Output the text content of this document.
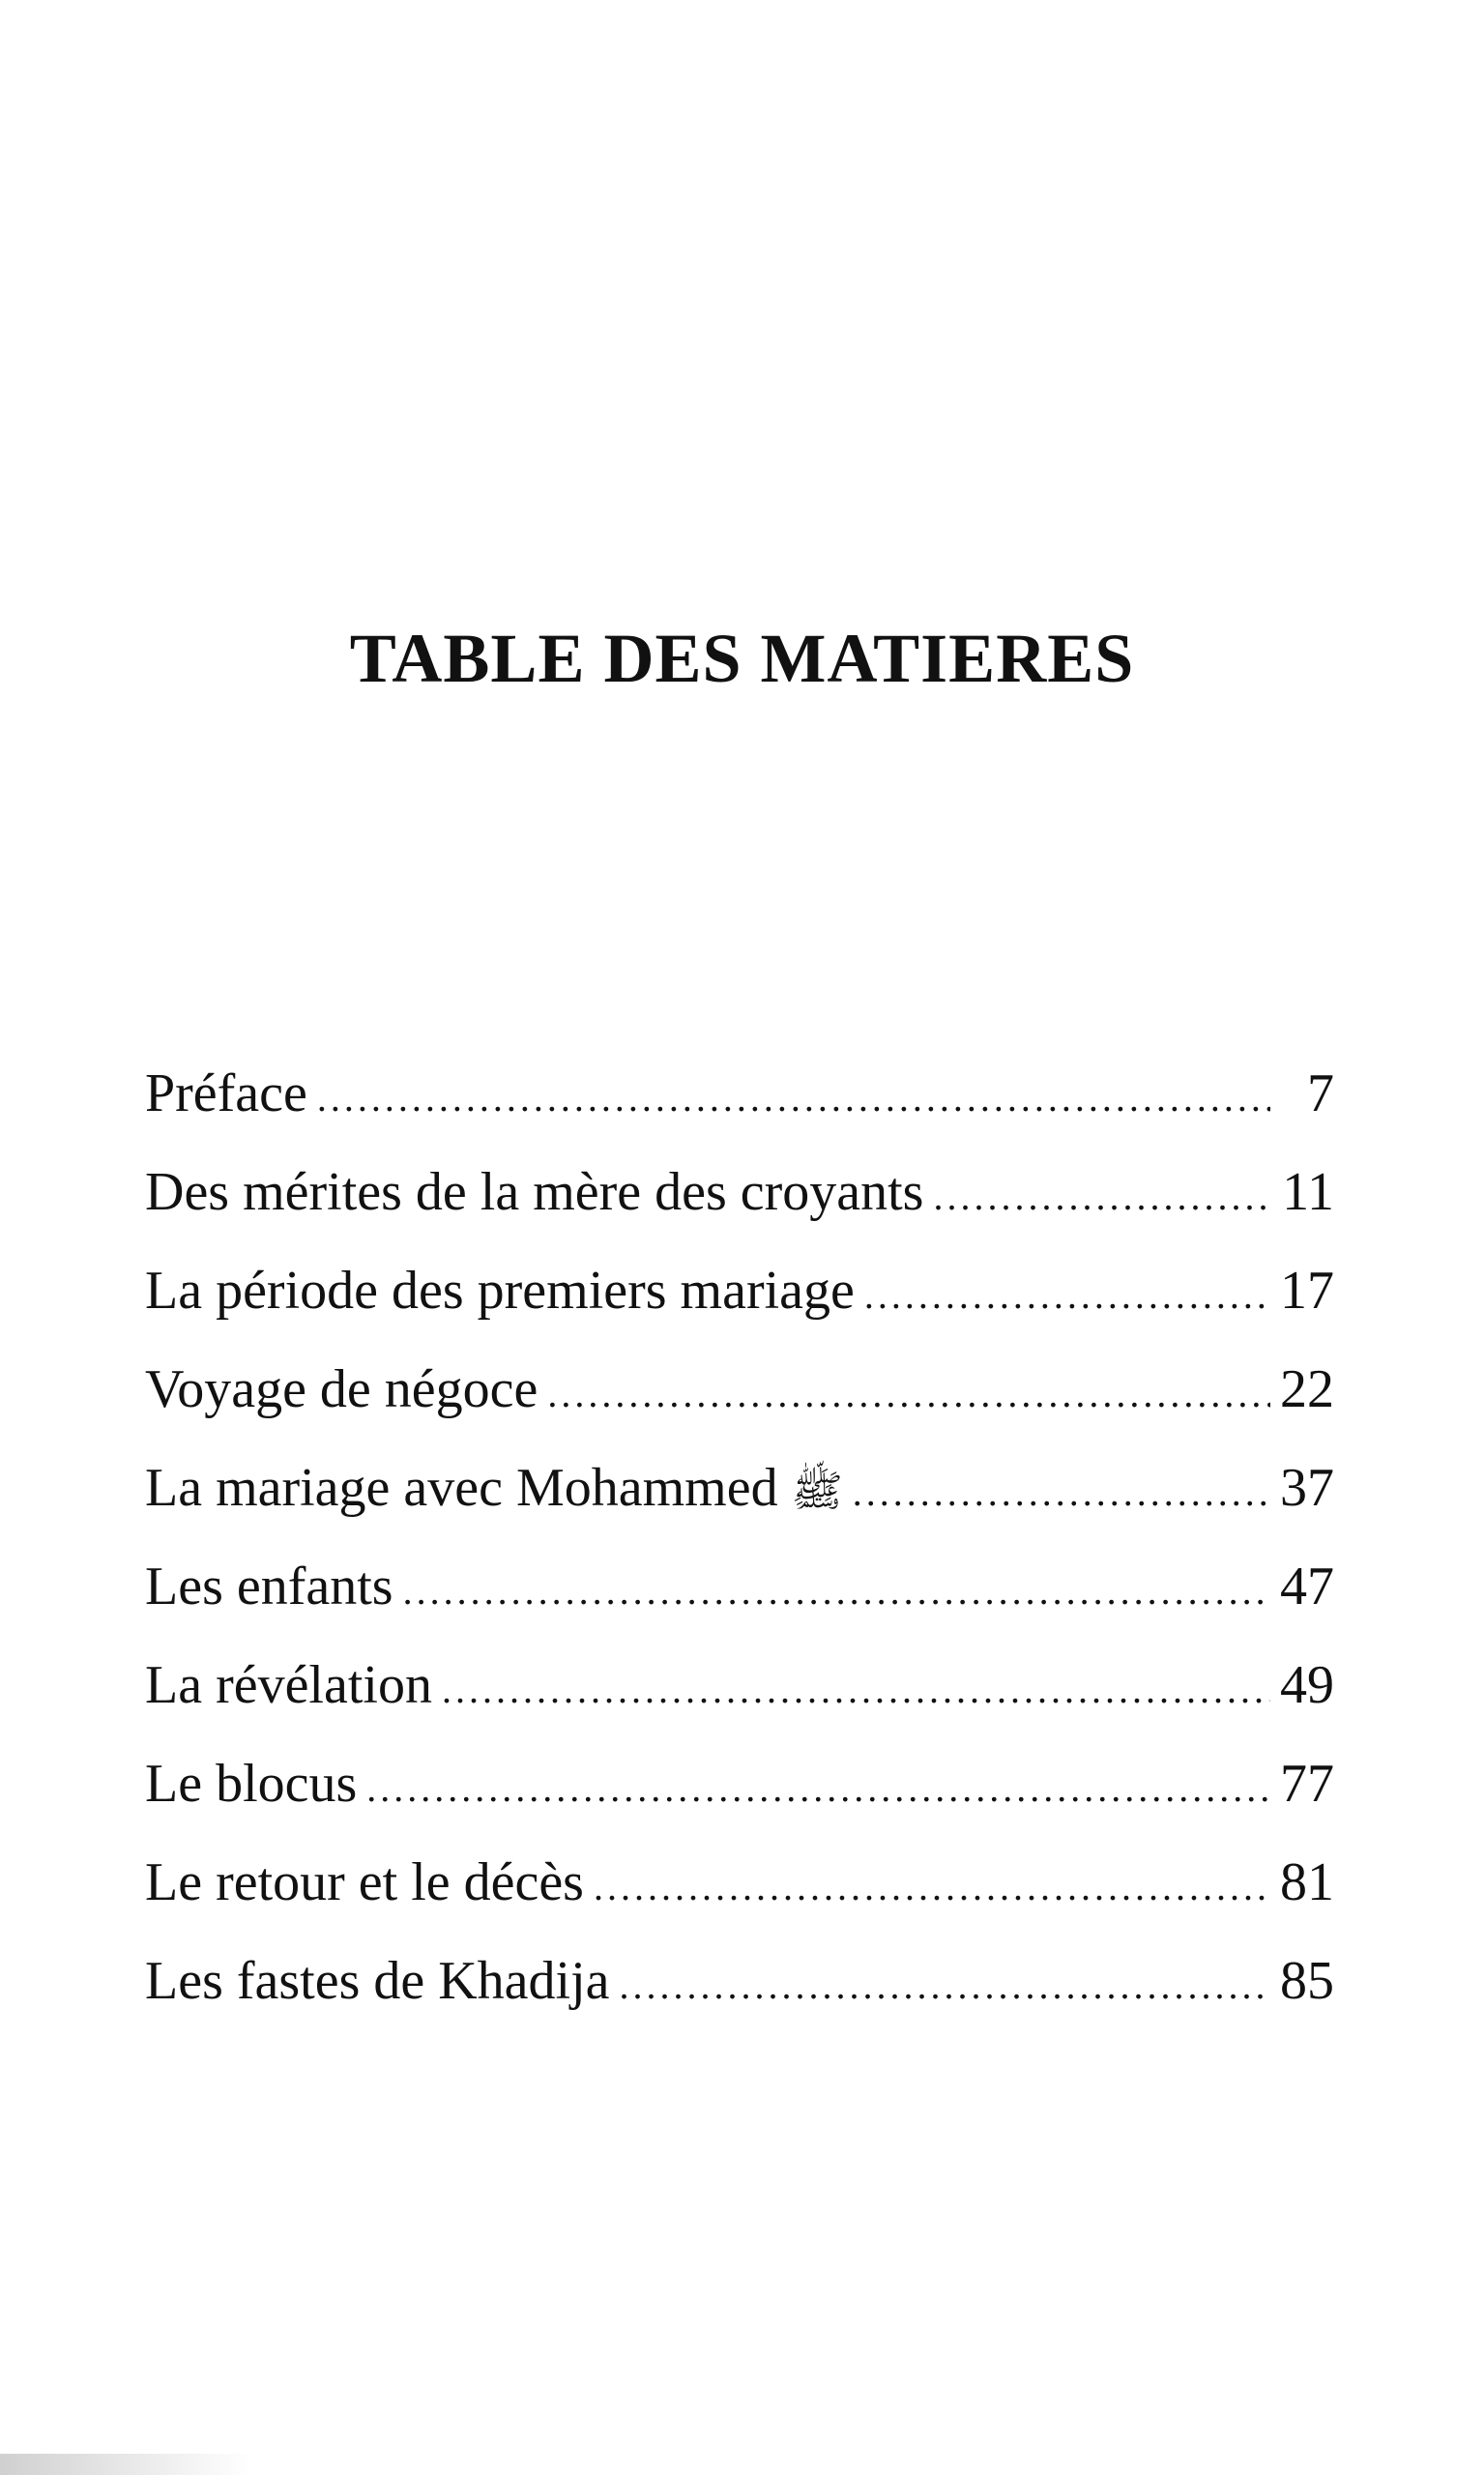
TABLE DES MATIERES
Préface .....	7
Des mérites de la mère des croyants .....	11
La période des premiers mariage .....	17
Voyage de négoce .....	22
La mariage avec Mohammed ﷺ .....	37
Les enfants .....	47
La révélation .....	49
Le blocus .....	77
Le retour et le décès .....	81
Les fastes de Khadija .....	85
